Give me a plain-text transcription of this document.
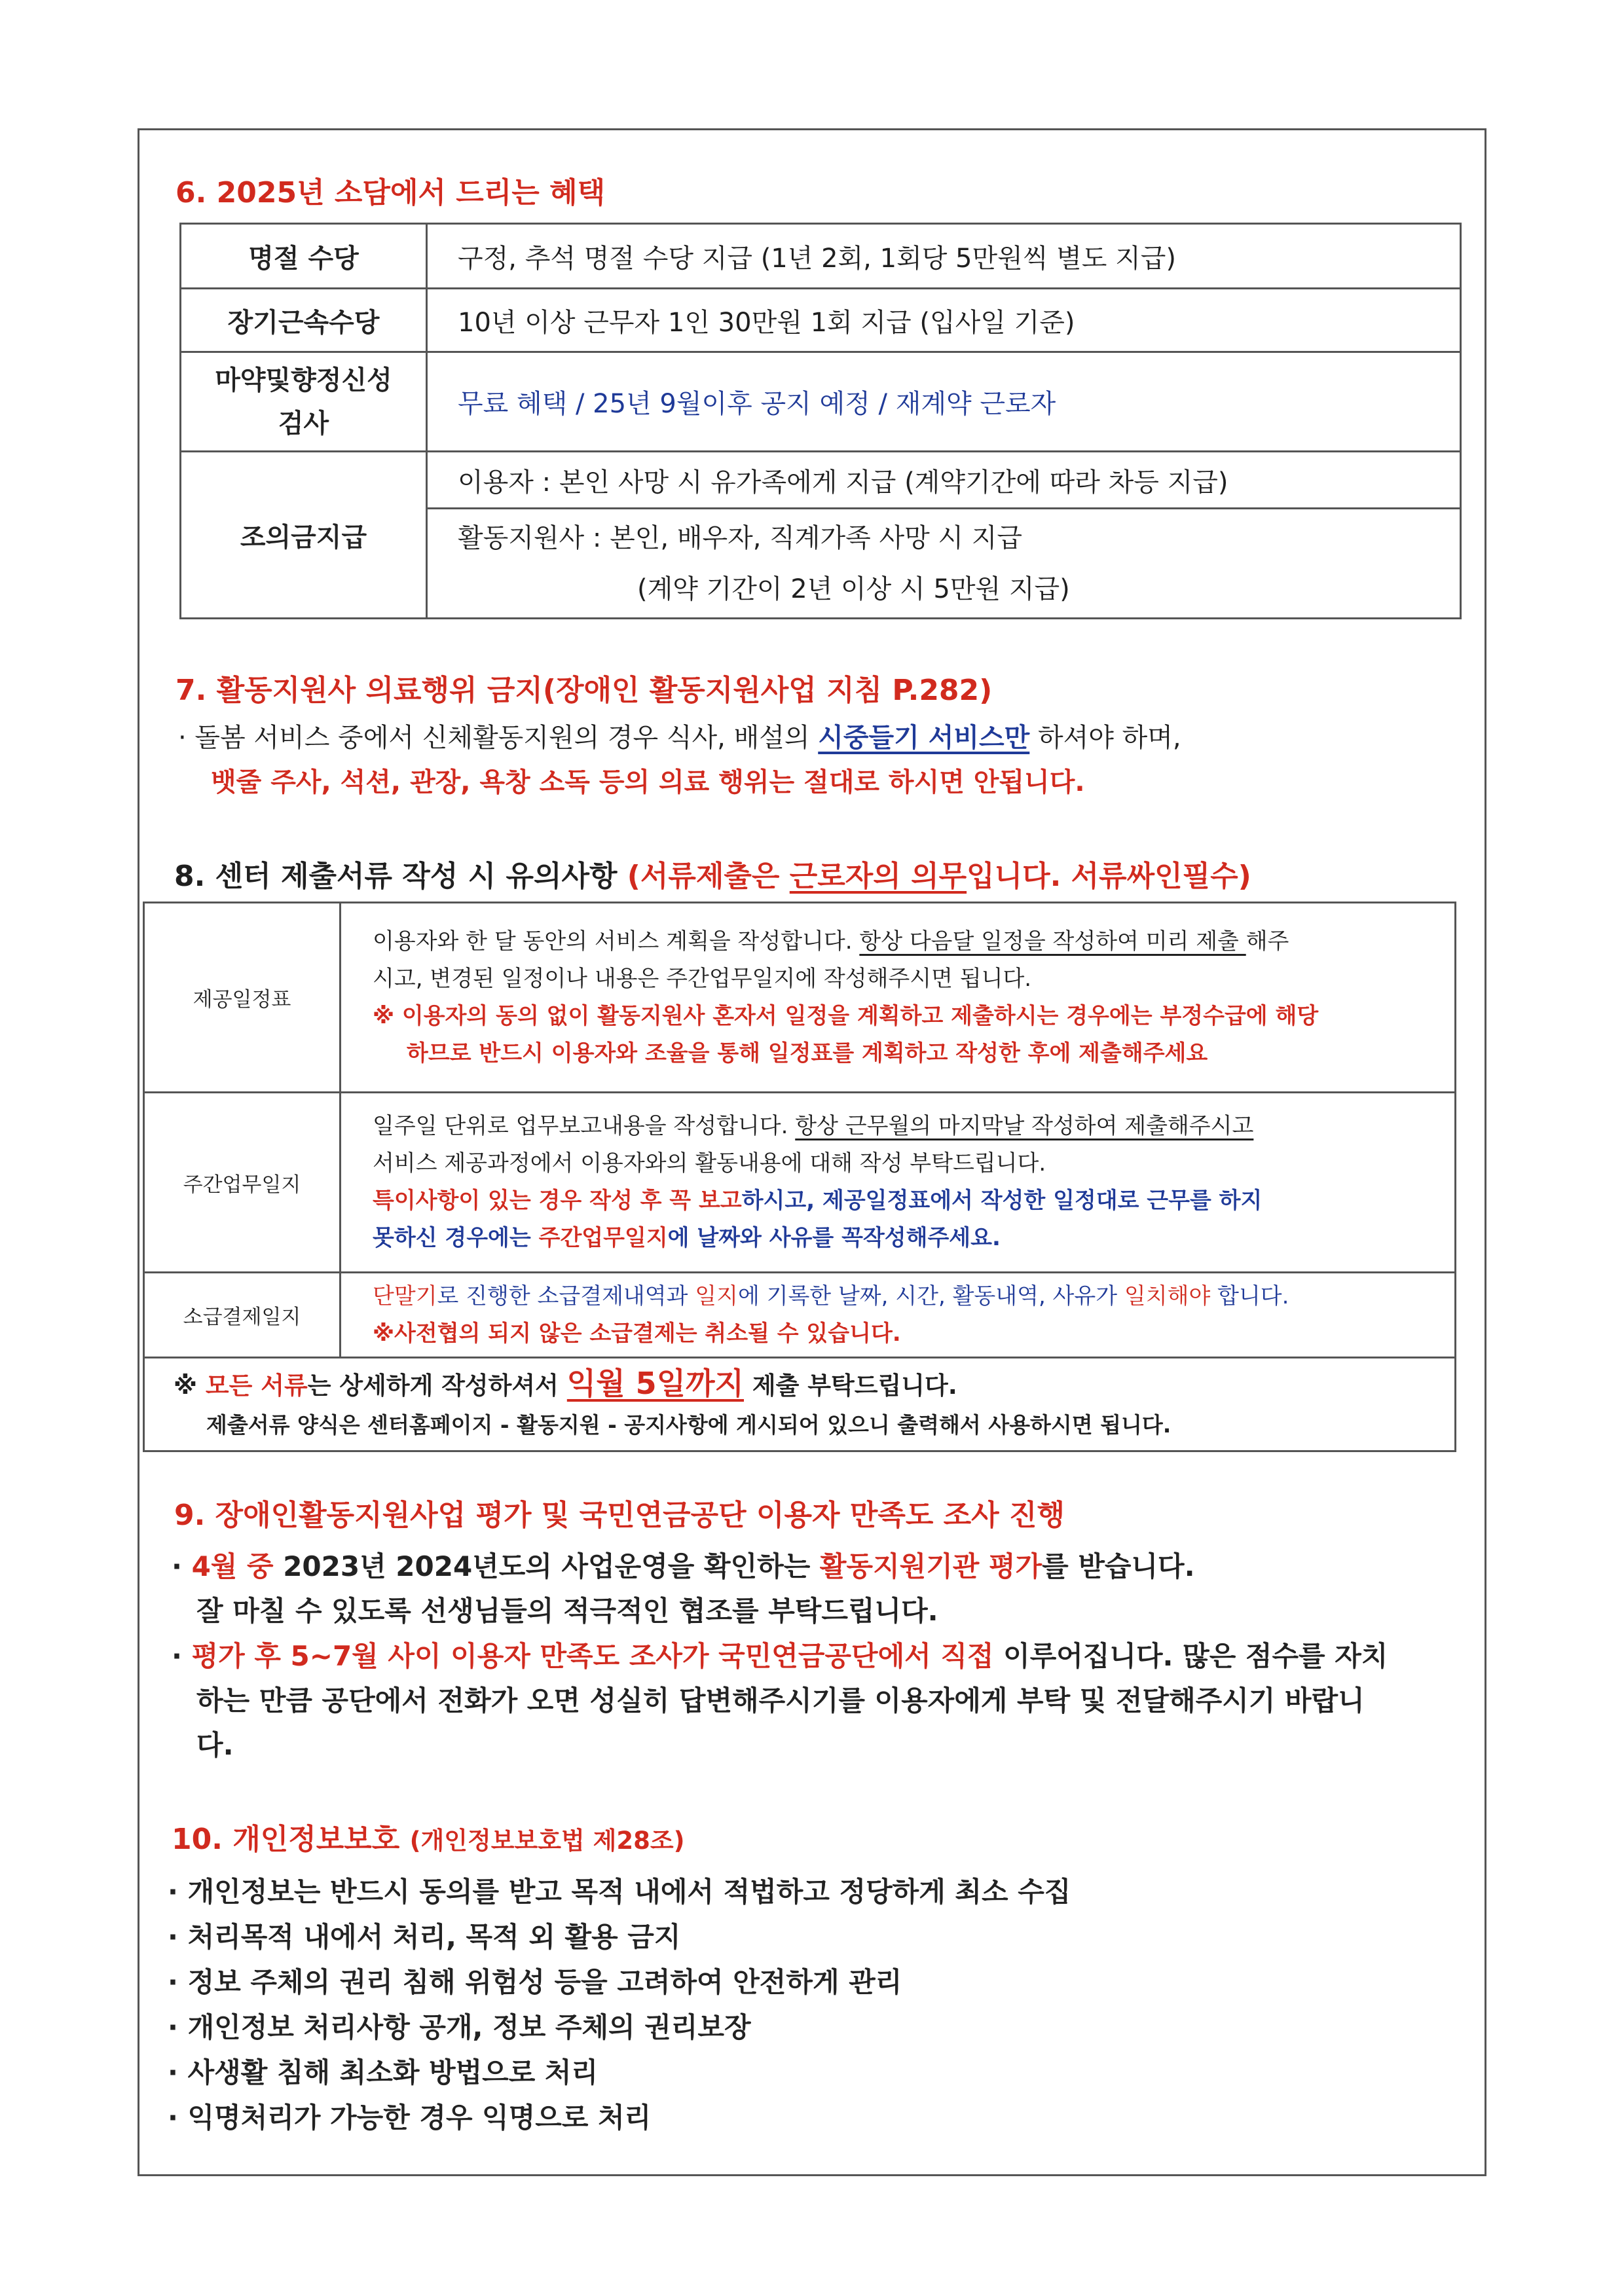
6. 2025년 소담에서 드리는 혜택
명절 수당	구정, 추석 명절 수당 지급 (1년 2회, 1회당 5만원씩 별도 지급)
장기근속수당	10년 이상 근무자 1인 30만원 1회 지급 (입사일 기준)

마약및향정신성
검사	무료 혜택 / 25년 9월이후 공지 예정 / 재계약 근로자
조의금지급	이용자 : 본인 사망 시 유가족에게 지급 (계약기간에 따라 차등 지급)

	활동지원사 : 본인, 배우자, 직계가족 사망 시 지급
(계약 기간이 2년 이상 시 5만원 지급)
7. 활동지원사 의료행위 금지(장애인 활동지원사업 지침 P.282)
· 돌봄 서비스 중에서 신체활동지원의 경우 식사, 배설의 시중들기 서비스만 하셔야 하며,
뱃줄 주사, 석션, 관장, 욕창 소독 등의 의료 행위는 절대로 하시면 안됩니다.
8. 센터 제출서류 작성 시 유의사항 (서류제출은 근로자의 의무입니다. 서류싸인필수)
제공일정표	이용자와 한 달 동안의 서비스 계획을 작성합니다. 항상 다음달 일정을 작성하여 미리 제출 해주
시고, 변경된 일정이나 내용은 주간업무일지에 작성해주시면 됩니다.
※ 이용자의 동의 없이 활동지원사 혼자서 일정을 계획하고 제출하시는 경우에는 부정수급에 해당
하므로 반드시 이용자와 조율을 통해 일정표를 계획하고 작성한 후에 제출해주세요

주간업무일지	일주일 단위로 업무보고내용을 작성합니다. 항상 근무월의 마지막날 작성하여 제출해주시고
서비스 제공과정에서 이용자와의 활동내용에 대해 작성 부탁드립니다.
특이사항이 있는 경우 작성 후 꼭 보고하시고, 제공일정표에서 작성한 일정대로 근무를 하지
못하신 경우에는 주간업무일지에 날짜와 사유를 꼭작성해주세요.

소급결제일지	단말기로 진행한 소급결제내역과 일지에 기록한 날짜, 시간, 활동내역, 사유가 일치해야 합니다.
※사전협의 되지 않은 소급결제는 취소될 수 있습니다.

※ 모든 서류는 상세하게 작성하셔서 익월 5일까지 제출 부탁드립니다.
제출서류 양식은 센터홈페이지 - 활동지원 - 공지사항에 게시되어 있으니 출력해서 사용하시면 됩니다.	
9. 장애인활동지원사업 평가 및 국민연금공단 이용자 만족도 조사 진행
· 4월 중 2023년 2024년도의 사업운영을 확인하는 활동지원기관 평가를 받습니다.
잘 마칠 수 있도록 선생님들의 적극적인 협조를 부탁드립니다.
· 평가 후 5~7월 사이 이용자 만족도 조사가 국민연금공단에서 직접 이루어집니다. 많은 점수를 자치
하는 만큼 공단에서 전화가 오면 성실히 답변해주시기를 이용자에게 부탁 및 전달해주시기 바랍니
다.
10. 개인정보보호 (개인정보보호법 제28조)
· 개인정보는 반드시 동의를 받고 목적 내에서 적법하고 정당하게 최소 수집
· 처리목적 내에서 처리, 목적 외 활용 금지
· 정보 주체의 권리 침해 위험성 등을 고려하여 안전하게 관리
· 개인정보 처리사항 공개, 정보 주체의 권리보장
· 사생활 침해 최소화 방법으로 처리
· 익명처리가 가능한 경우 익명으로 처리
